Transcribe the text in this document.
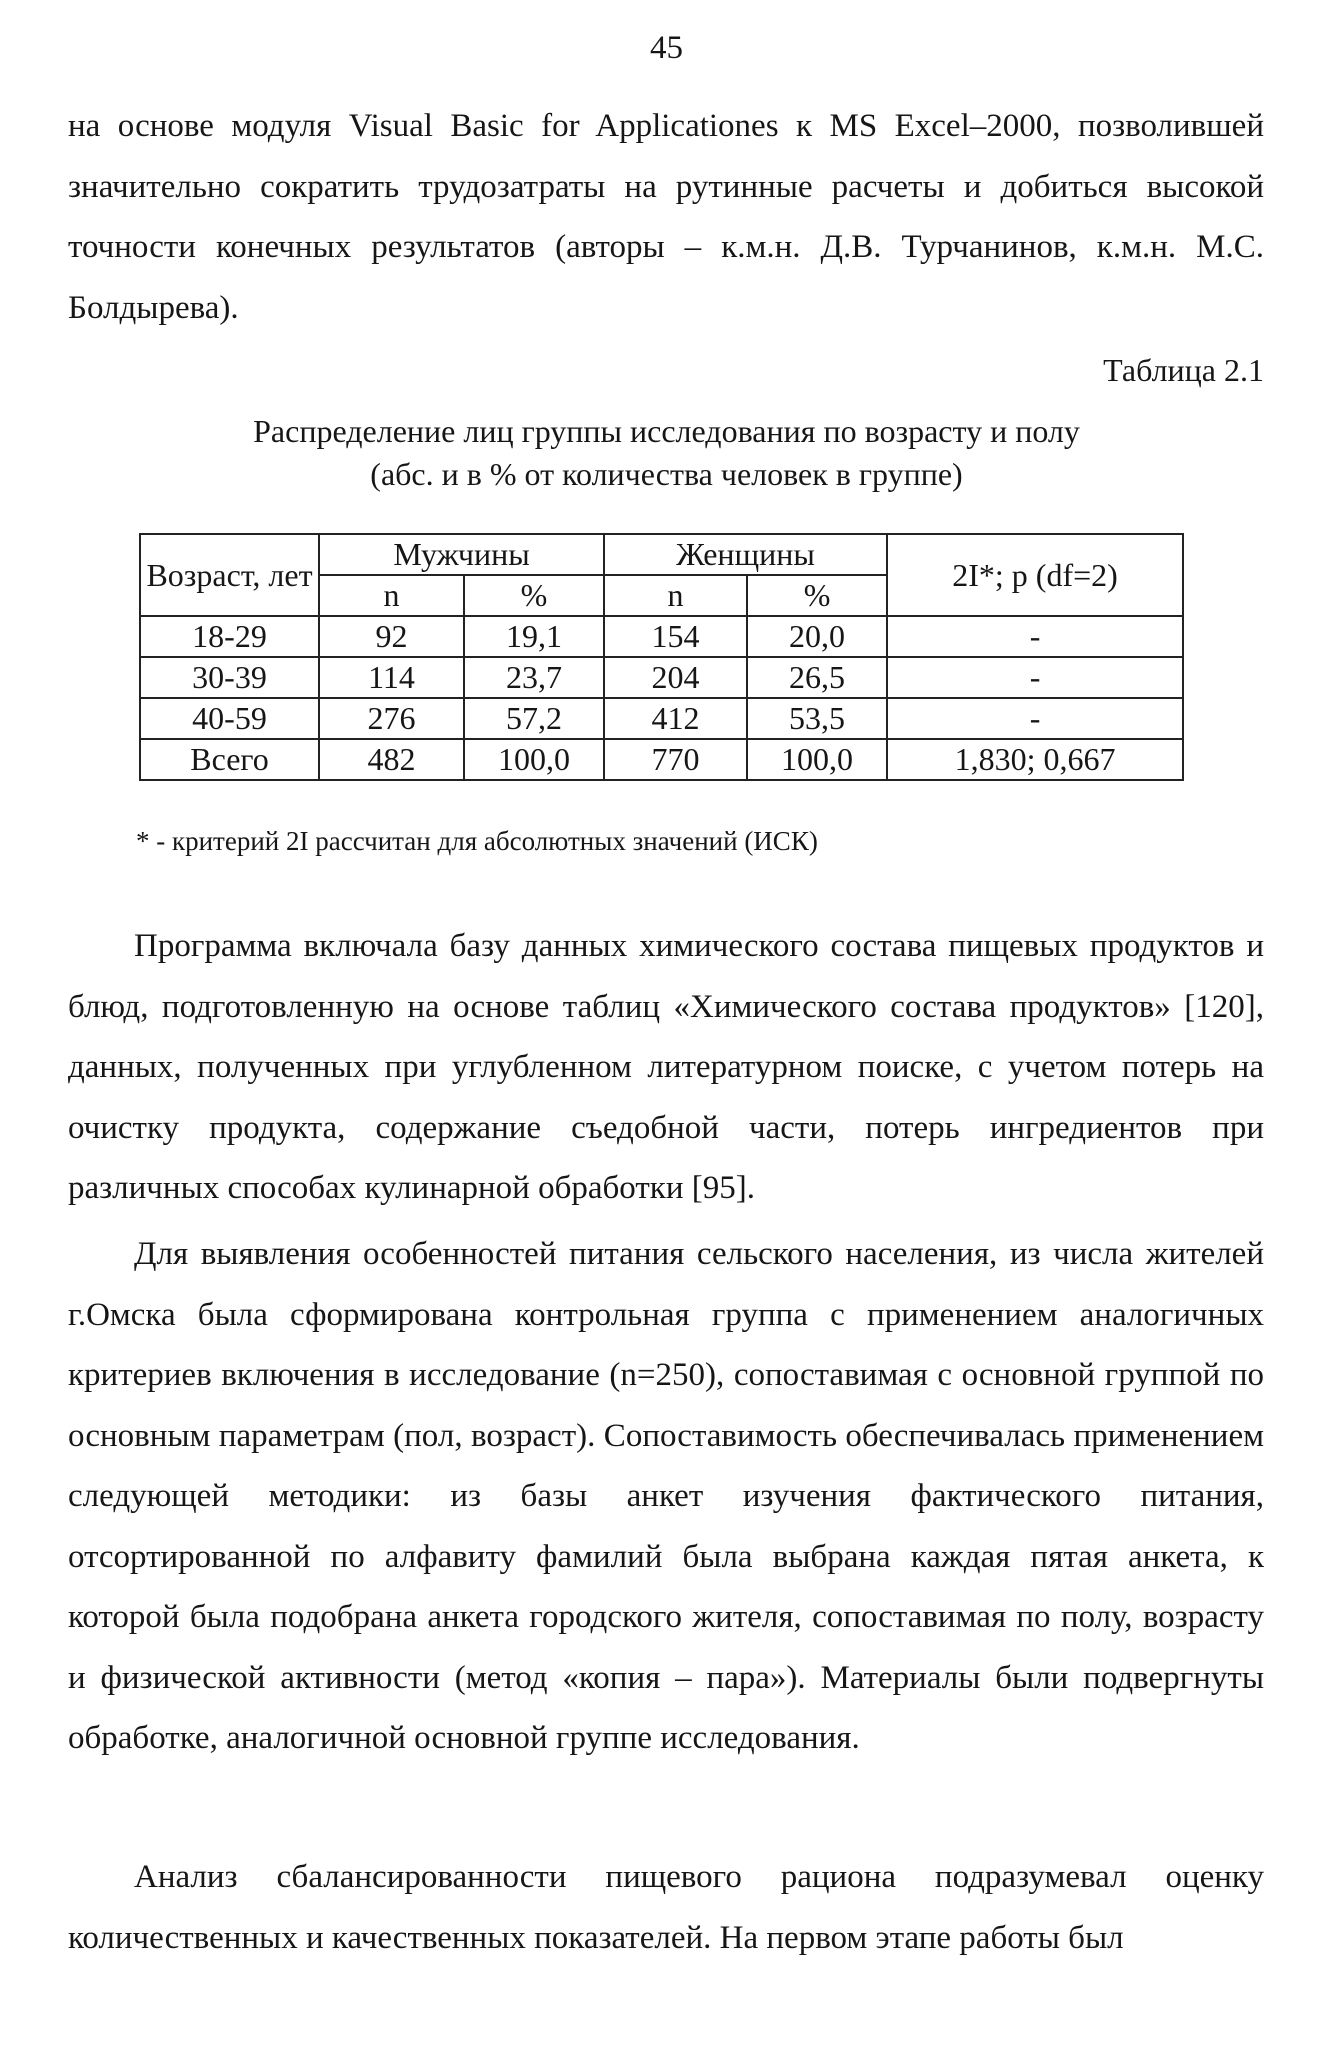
45

на основе модуля Visual Basic for Applicationes к MS Excel–2000, позволившей значительно сократить трудозатраты на рутинные расчеты и добиться высокой точности конечных результатов (авторы – к.м.н. Д.В. Турчанинов, к.м.н. М.С. Болдырева).

Таблица 2.1
Распределение лиц группы исследования по возрасту и полу
(абс. и в % от количества человек в группе)
Возраст, лет	Мужчины		Женщины		2I*; p (df=2)
	n	%	n	%	
18-29	92	19,1	154	20,0	-
30-39	114	23,7	204	26,5	-
40-59	276	57,2	412	53,5	-
Всего	482	100,0	770	100,0	1,830; 0,667
* - критерий 2I рассчитан для абсолютных значений (ИСК)

Программа включала базу данных химического состава пищевых продуктов и блюд, подготовленную на основе таблиц «Химического состава продуктов» [120], данных, полученных при углубленном литературном поиске, с учетом потерь на очистку продукта, содержание съедобной части, потерь ингредиентов при различных способах кулинарной обработки [95].

Для выявления особенностей питания сельского населения, из числа жителей г.Омска была сформирована контрольная группа с применением аналогичных критериев включения в исследование (n=250), сопоставимая с основной группой по основным параметрам (пол, возраст). Сопоставимость обеспечивалась применением следующей методики: из базы анкет изучения фактического питания, отсортированной по алфавиту фамилий была выбрана каждая пятая анкета, к которой была подобрана анкета городского жителя, сопоставимая по полу, возрасту и физической активности (метод «копия – пара»). Материалы были подвергнуты обработке, аналогичной основной группе исследования.

Анализ сбалансированности пищевого рациона подразумевал оценку количественных и качественных показателей. На первом этапе работы был
